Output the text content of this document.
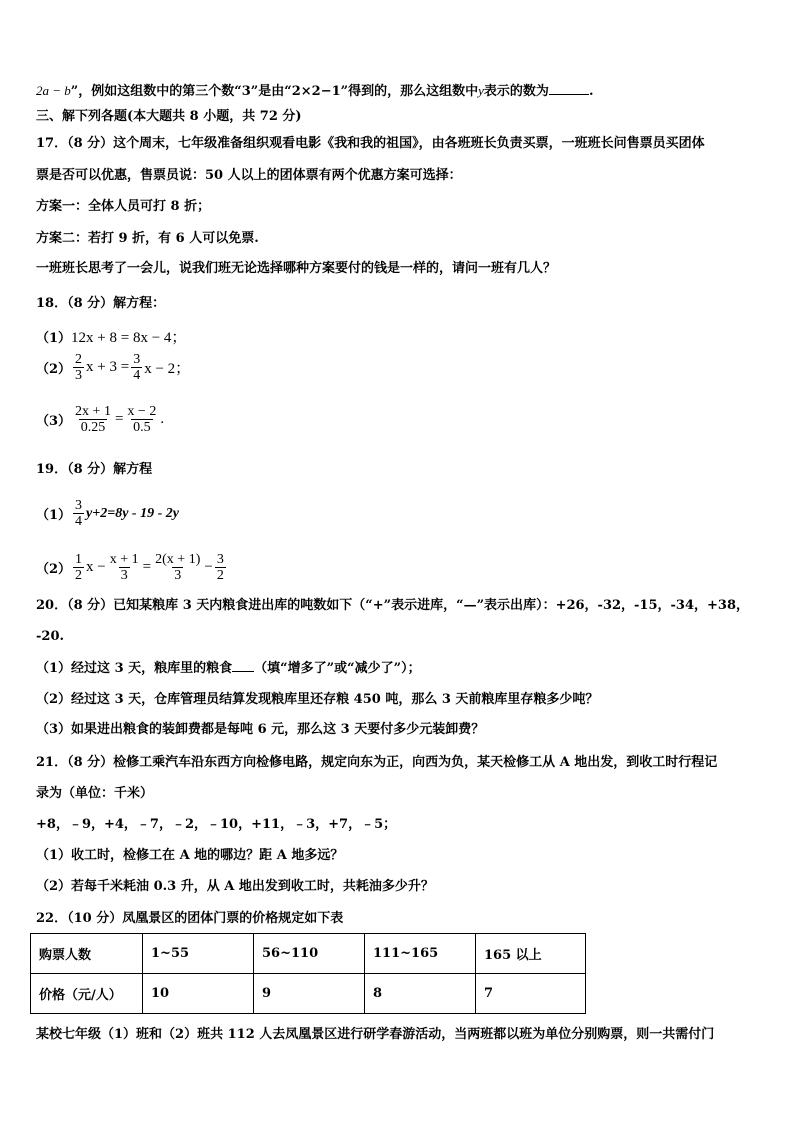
2a − b”，例如这组数中的第三个数“3”是由“2×2−1”得到的，那么这组数中y表示的数为	.
三、解下列各题(本大题共 8 小题，共 72 分)
17．（8 分）这个周末，七年级准备组织观看电影《我和我的祖国》，由各班班长负责买票，一班班长问售票员买团体
票是否可以优惠，售票员说：50 人以上的团体票有两个优惠方案可选择：
方案一：全体人员可打 8 折；
方案二：若打 9 折，有 6 人可以免票.
一班班长思考了一会儿，说我们班无论选择哪种方案要付的钱是一样的，请问一班有几人？
18．（8 分）解方程：
（1） 12x + 8 = 8x − 4；
$(2) \frac{2}{3}$ $x + 3 = \frac{3}{4}$ x − 2；
$(3) \frac{2x + 1}{0.25} = \frac{x - 2}{0.5}$ .
19．（8 分）解方程
$(1) \frac{3}{4} y+2=8y - 19 - 2y$
$(2) \frac{1}{2}$ $x - \frac{x + 1}{3} = \frac{2(x + 1)}{3} - \frac{3}{2}$
20．（8 分）已知某粮库 3 天内粮食进出库的吨数如下（“+”表示进库，“—”表示出库）：+26，-32，-15，-34，+38，
-20.
（1）经过这 3 天，粮库里的粮食 （填“增多了”或“减少了”）；
（2）经过这 3 天，仓库管理员结算发现粮库里还存粮 450 吨，那么 3 天前粮库里存粮多少吨？
（3）如果进出粮食的装卸费都是每吨 6 元，那么这 3 天要付多少元装卸费？
21．（8 分）检修工乘汽车沿东西方向检修电路，规定向东为正，向西为负，某天检修工从 A 地出发，到收工时行程记
录为（单位：千米）
+8，﹣9，+4，﹣7，﹣2，﹣10，+11，﹣3，+7，﹣5；
（1）收工时，检修工在 A 地的哪边？距 A 地多远？
（2）若每千米耗油 0.3 升，从 A 地出发到收工时，共耗油多少升？
22．（10 分）凤凰景区的团体门票的价格规定如下表
购票人数	1~55	56~110	111~165	165 以上
价格（元/人）	10	9	8	7
某校七年级（1）班和（2）班共 112 人去凤凰景区进行研学春游活动，当两班都以班为单位分别购票，则一共需付门
